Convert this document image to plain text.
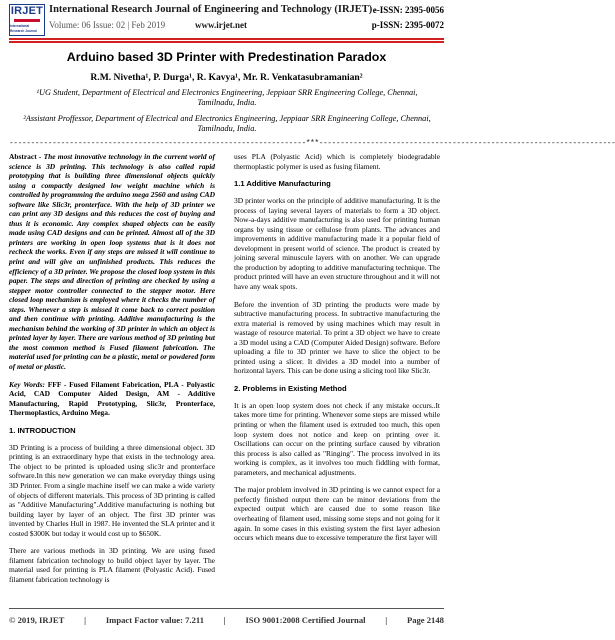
IRJET
International Research Journal
International Research Journal of Engineering and Technology (IRJET)
Volume: 06 Issue: 02 | Feb 2019	www.irjet.net
e-ISSN: 2395-0056
p-ISSN: 2395-0072
Arduino based 3D Printer with Predestination Paradox
R.M. Nivetha¹, P. Durga¹, R. Kavya¹, Mr. R. Venkatasubramanian²
¹UG Student, Department of Electrical and Electronics Engineering, Jeppiaar SRR Engineering College, Chennai, Tamilnadu, India.
²Assistant Proffessor, Department of Electrical and Electronics Engineering, Jeppiaar SRR Engineering College, Chennai, Tamilnadu, India.
---------------------------------------------------------------------***---------------------------------------------------------------------

Abstract - The most innovative technology in the current world of science is 3D printing. This technology is also called rapid prototyping that is building three dimensional objects quickly using a compactly designed low weight machine which is controlled by programming the arduino mega 2560 and using CAD software like Slic3r, pronterface. With the help of 3D printer we can print any 3D designs and this reduces the cost of buying and thus it is economic. Any complex shaped objects can be easily made using CAD designs and can be printed. Almost all of the 3D printers are working in open loop systems that is it does not recheck the works. Even if any steps are missed it will continue to print and will give an unfinished products. This reduces the efficiency of a 3D printer. We propose the closed loop system in this paper. The steps and direction of printing are checked by using a stepper motor controller connected to the stepper motor. Here closed loop mechanism is employed where it checks the number of steps. Whenever a step is missed it come back to correct position and then continue with printing. Additive manufacturing is the mechanism behind the working of 3D printer in which an object is printed layer by layer. There are various method of 3D printing but the most common method is Fused filament fabrication. The material used for printing can be a plastic, metal or powdered form of metal or plastic.

Key Words: FFF - Fused Filament Fabrication, PLA - Polyastic Acid, CAD Computer Aided Design, AM - Additive Manufacturing, Rapid Prototyping, Slic3r, Pronterface, Thermoplastics, Arduino Mega.

1. INTRODUCTION

3D Printing is a process of building a three dimensional object. 3D printing is an extraordinary hype that exists in the technology area. The object to be printed is uploaded using slic3r and pronterface software.In this new generation we can make everyday things using 3D Printer. From a single machine itself we can make a wide variety of objects of different materials. This process of 3D printing is called as "Additive Manufacturing".Additive manufacturing is nothing but building layer by layer of an object. The first 3D printer was invented by Charles Hull in 1987. He invented the SLA printer and it costed $300K but today it would cost up to $650K.

There are various methods in 3D printing. We are using fused filament fabrication technology to build object layer by layer. The material used for printing is PLA filament (Polyastic Acid). Fused filament fabrication technology is

uses PLA (Polyastic Acid) which is completely biodegradable thermoplastic polymer is used as fusing filament.

1.1 Additive Manufacturing

3D printer works on the principle of additive manufacturing. It is the process of laying several layers of materials to form a 3D object. Now-a-days additive manufacturing is also used for printing human organs by using tissue or cellulose from plants. The advances and improvements in additive manufacturing made it a popular field of development in present world of science. The product is created by joining several minuscule layers with on another. We can upgrade the production by adopting to additive manufacturing technique. The product printed will have an even structure throughout and it will not have any weak spots.

Before the invention of 3D printing the products were made by subtractive manufacturing process. In subtractive manufacturing the extra material is removed by using machines which may result in wastage of resource material. To print a 3D object we have to create a 3D model using a CAD (Computer Aided Design) software. Before uploading a file to 3D printer we have to slice the object to be printed using a slicer. It divides a 3D model into a number of horizontal layers. This can be done using a slicing tool like Slic3r.

2. Problems in Existing Method

It is an open loop system does not check if any mistake occurs..It takes more time for printing. Whenever some steps are missed while printing or when the filament used is extruded too much, this open loop system does not notice and keep on printing over it. Oscillations can occur on the printing surface caused by vibration this process is also called as "Ringing". The process involved in its working is complex, as it involves too much fiddling with format, parameters, and mechanical adjustments.

The major problem involved in 3D printing is we cannot expect for a perfectly finished output there can be minor deviations from the expected output which are caused due to some reason like overheating of filament used, missing some steps and not going for it again. In some cases in this existing system the first layer adhesion occurs which means due to excessive temperature the first layer will

© 2019, IRJET | Impact Factor value: 7.211 | ISO 9001:2008 Certified Journal | Page 2148
